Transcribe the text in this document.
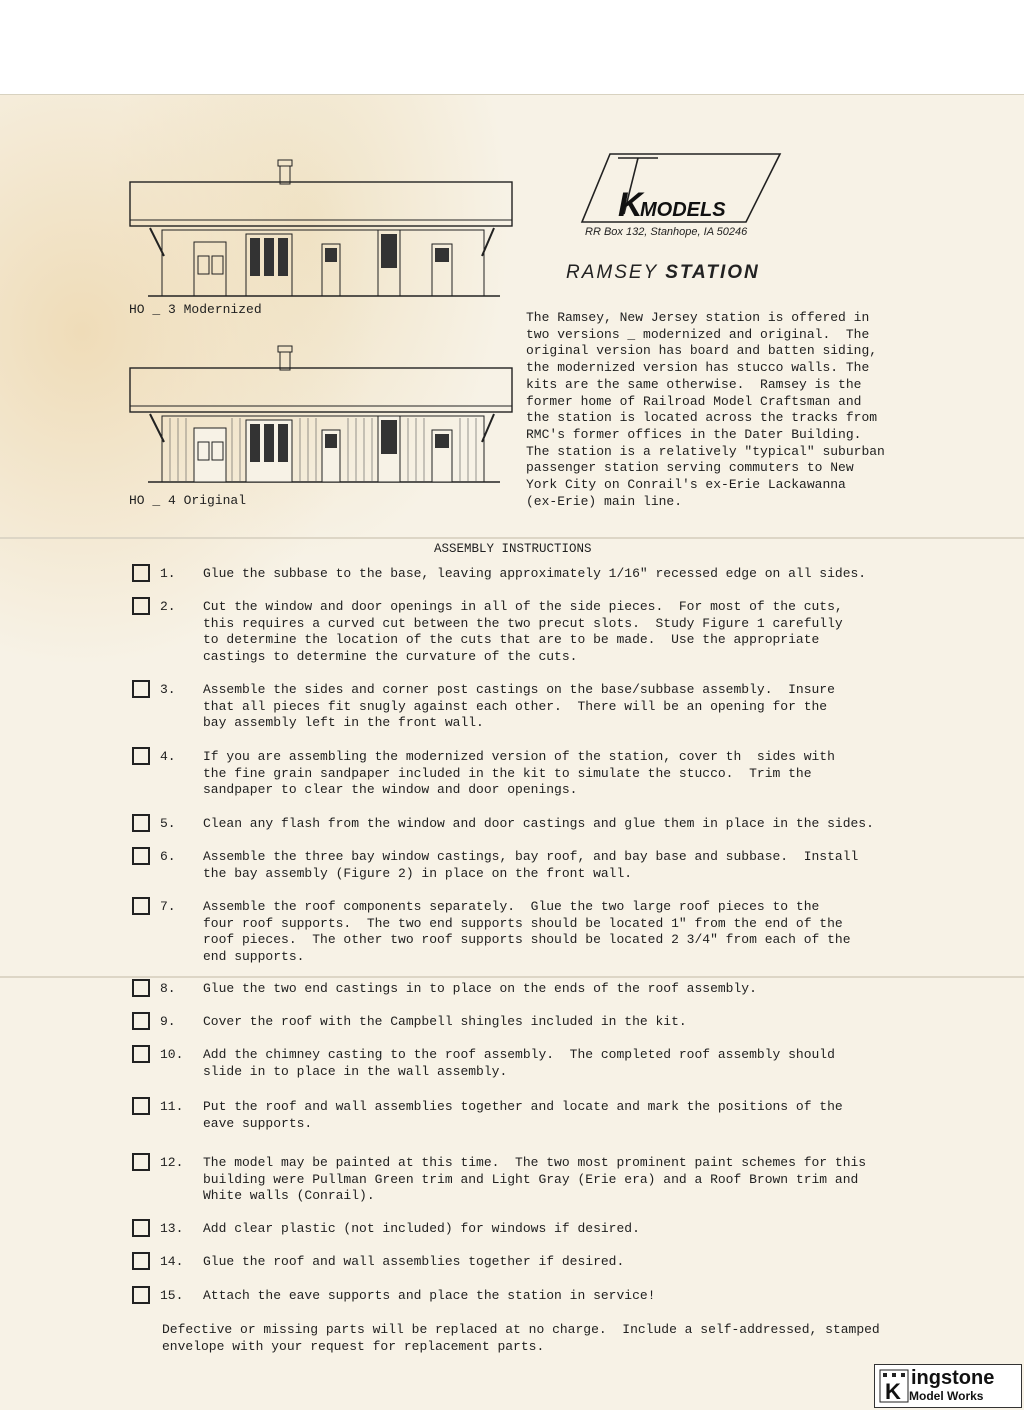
K
MODELS
RR Box 132, Stanhope, IA 50246
RAMSEY STATION
HO _ 3 Modernized
HO _ 4 Original
The Ramsey, New Jersey station is offered in
two versions _ modernized and original.  The
original version has board and batten siding,
the modernized version has stucco walls. The
kits are the same otherwise.  Ramsey is the
former home of Railroad Model Craftsman and
the station is located across the tracks from
RMC's former offices in the Dater Building.
The station is a relatively "typical" suburban
passenger station serving commuters to New
York City on Conrail's ex-Erie Lackawanna
(ex-Erie) main line.
ASSEMBLY INSTRUCTIONS
1. Glue the subbase to the base, leaving approximately 1/16" recessed edge on all sides.
2. Cut the window and door openings in all of the side pieces.  For most of the cuts,
this requires a curved cut between the two precut slots.  Study Figure 1 carefully
to determine the location of the cuts that are to be made.  Use the appropriate
castings to determine the curvature of the cuts.
3. Assemble the sides and corner post castings on the base/subbase assembly.  Insure
that all pieces fit snugly against each other.  There will be an opening for the
bay assembly left in the front wall.
4. If you are assembling the modernized version of the station, cover th  sides with
the fine grain sandpaper included in the kit to simulate the stucco.  Trim the
sandpaper to clear the window and door openings.
5. Clean any flash from the window and door castings and glue them in place in the sides.
6. Assemble the three bay window castings, bay roof, and bay base and subbase.  Install
the bay assembly (Figure 2) in place on the front wall.
7. Assemble the roof components separately.  Glue the two large roof pieces to the
four roof supports.  The two end supports should be located 1" from the end of the
roof pieces.  The other two roof supports should be located 2 3/4" from each of the
end supports.
8. Glue the two end castings in to place on the ends of the roof assembly.
9. Cover the roof with the Campbell shingles included in the kit.
10. Add the chimney casting to the roof assembly.  The completed roof assembly should
slide in to place in the wall assembly.
11. Put the roof and wall assemblies together and locate and mark the positions of the
eave supports.
12. The model may be painted at this time.  The two most prominent paint schemes for this
building were Pullman Green trim and Light Gray (Erie era) and a Roof Brown trim and
White walls (Conrail).
13. Add clear plastic (not included) for windows if desired.
14. Glue the roof and wall assemblies together if desired.
15. Attach the eave supports and place the station in service!
Defective or missing parts will be replaced at no charge.  Include a self-addressed, stamped
envelope with your request for replacement parts.
K
ingstone
Model Works
